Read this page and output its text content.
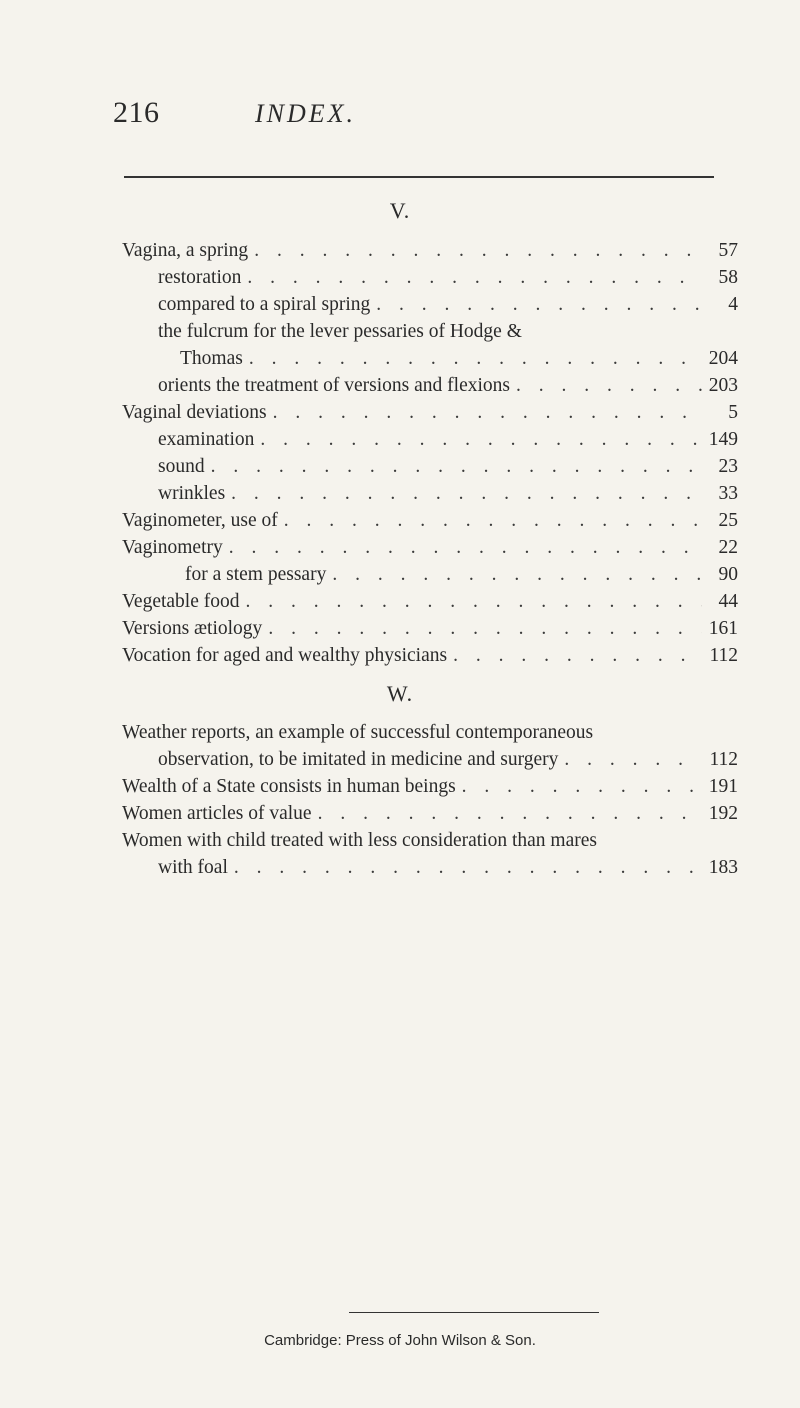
216	INDEX.
V.
Vagina, a spring . . .	57
restoration . . .	58
compared to a spiral spring . . .	4
the fulcrum for the lever pessaries of Hodge &
Thomas . . .	204
orients the treatment of versions and flexions . . .	203
Vaginal deviations . . .	5
examination . . .	149
sound . . .	23
wrinkles . . .	33
Vaginometer, use of . . .	25
Vaginometry . . .	22
for a stem pessary . . .	90
Vegetable food . . .	44
Versions ætiology . . .	161
Vocation for aged and wealthy physicians . . .	112
W.
Weather reports, an example of successful contemporaneous
observation, to be imitated in medicine and surgery . . .	112
Wealth of a State consists in human beings . . .	191
Women articles of value . . .	192
Women with child treated with less consideration than mares
with foal . . .	183
Cambridge: Press of John Wilson & Son.
